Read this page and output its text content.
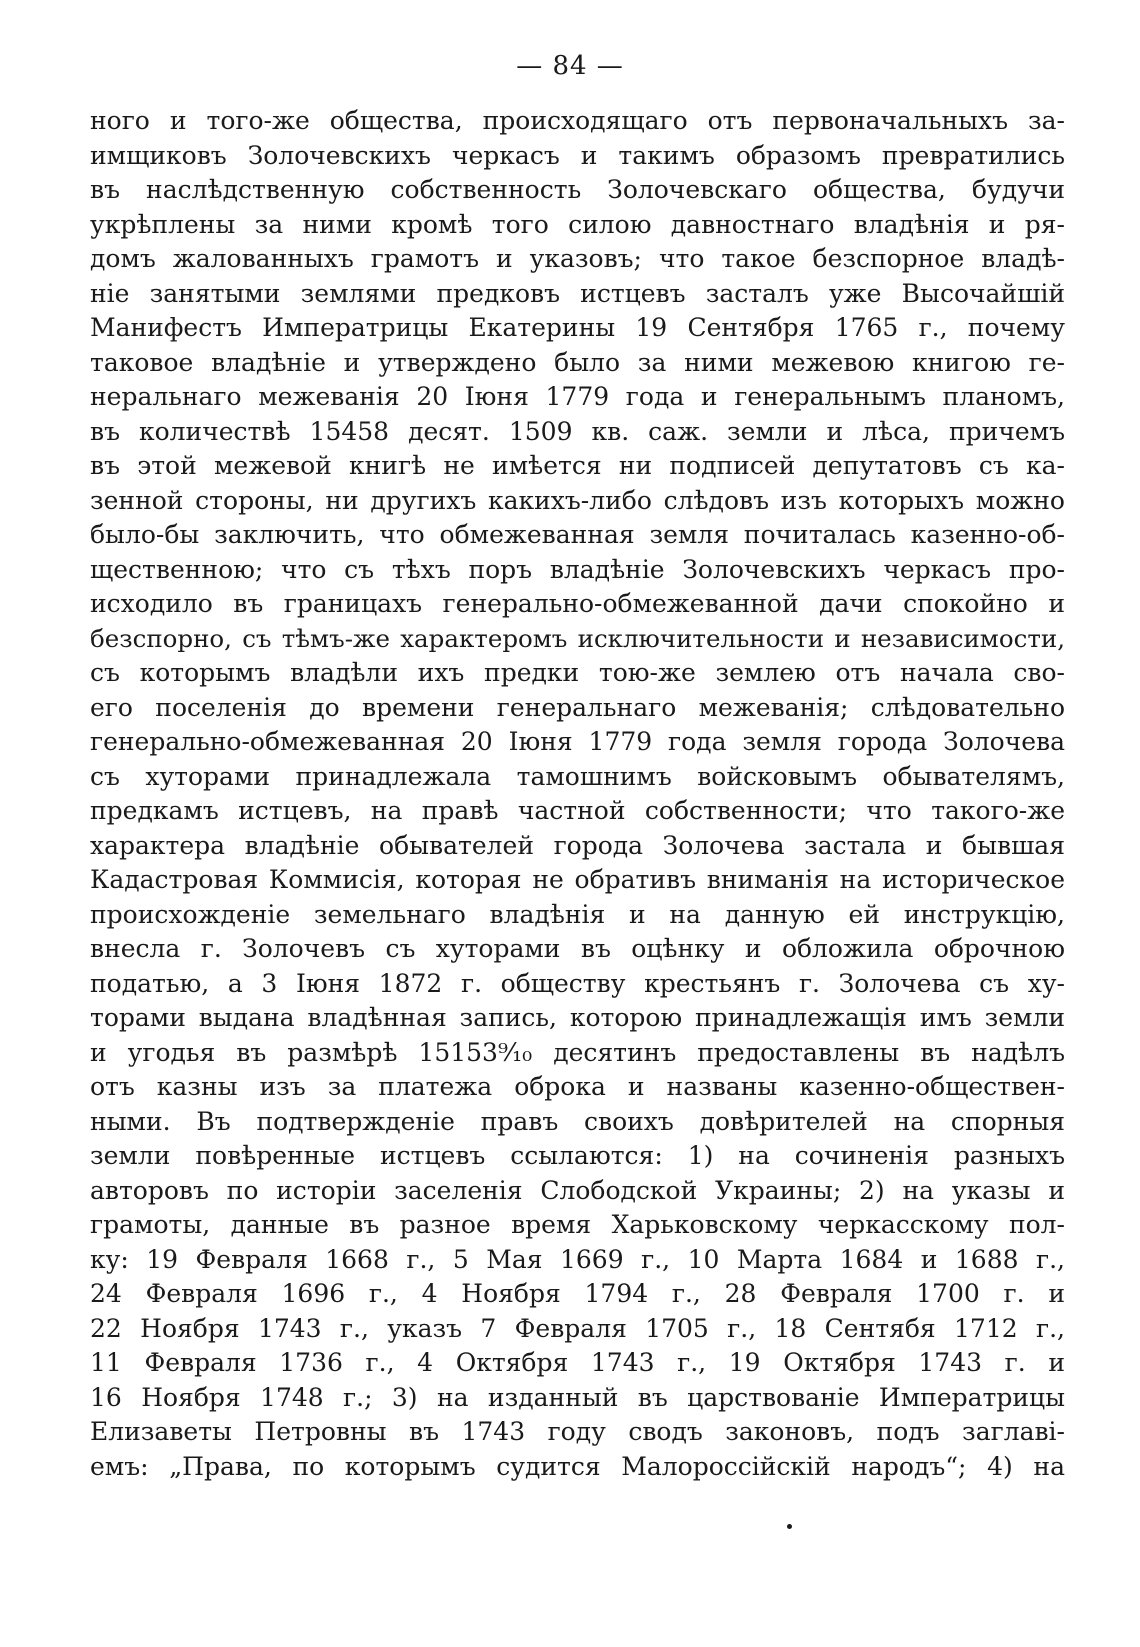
— 84 —
ного и того-же общества, происходящаго отъ первоначальныхъ за-
имщиковъ Золочевскихъ черкасъ и такимъ образомъ превратились
въ наслѣдственную собственность Золочевскаго общества, будучи
укрѣплены за ними кромѣ того силою давностнаго владѣнія и ря-
домъ жалованныхъ грамотъ и указовъ; что такое безспорное владѣ-
ніе занятыми землями предковъ истцевъ засталъ уже Высочайшій
Манифестъ Императрицы Екатерины 19 Сентября 1765 г., почему
таковое владѣніе и утверждено было за ними межевою книгою ге-
неральнаго межеванія 20 Іюня 1779 года и генеральнымъ планомъ,
въ количествѣ 15458 десят. 1509 кв. саж. земли и лѣса, причемъ
въ этой межевой книгѣ не имѣется ни подписей депутатовъ съ ка-
зенной стороны, ни другихъ какихъ-либо слѣдовъ изъ которыхъ можно
было-бы заключить, что обмежеванная земля почиталась казенно-об-
щественною; что съ тѣхъ поръ владѣніе Золочевскихъ черкасъ про-
исходило въ границахъ генерально-обмежеванной дачи спокойно и
безспорно, съ тѣмъ-же характеромъ исключительности и независимости,
съ которымъ владѣли ихъ предки тою-же землею отъ начала сво-
его поселенія до времени генеральнаго межеванія; слѣдовательно
генерально-обмежеванная 20 Іюня 1779 года земля города Золочева
съ хуторами принадлежала тамошнимъ войсковымъ обывателямъ,
предкамъ истцевъ, на правѣ частной собственности; что такого-же
характера владѣніе обывателей города Золочева застала и бывшая
Кадастровая Коммисія, которая не обративъ вниманія на историческое
происхожденіе земельнаго владѣнія и на данную ей инструкцію,
внесла г. Золочевъ съ хуторами въ оцѣнку и обложила оброчною
податью, а 3 Іюня 1872 г. обществу крестьянъ г. Золочева съ ху-
торами выдана владѣнная запись, которою принадлежащія имъ земли
и угодья въ размѣрѣ 15153⁹⁄₁₀ десятинъ предоставлены въ надѣлъ
отъ казны изъ за платежа оброка и названы казенно-обществен-
ными. Въ подтвержденіе правъ своихъ довѣрителей на спорныя
земли повѣренные истцевъ ссылаются: 1) на сочиненія разныхъ
авторовъ по исторіи заселенія Слободской Украины; 2) на указы и
грамоты, данные въ разное время Харьковскому черкасскому пол-
ку: 19 Февраля 1668 г., 5 Мая 1669 г., 10 Марта 1684 и 1688 г.,
24 Февраля 1696 г., 4 Ноября 1794 г., 28 Февраля 1700 г. и
22 Ноября 1743 г., указъ 7 Февраля 1705 г., 18 Сентябя 1712 г.,
11 Февраля 1736 г., 4 Октября 1743 г., 19 Октября 1743 г. и
16 Ноября 1748 г.; 3) на изданный въ царствованіе Императрицы
Елизаветы Петровны въ 1743 году сводъ законовъ, подъ заглаві-
емъ: „Права, по которымъ судится Малороссійскій народъ“; 4) на
